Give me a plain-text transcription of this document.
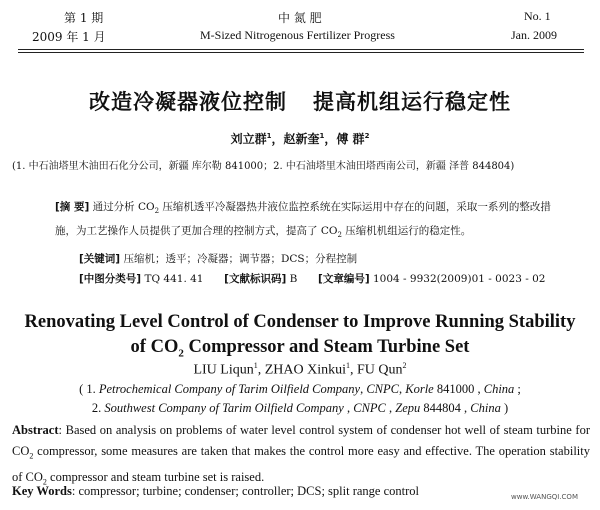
第 1 期	中 氮 肥	No. 1
2009 年 1 月	M-Sized Nitrogenous Fertilizer Progress	Jan. 2009
改造冷凝器液位控制 提高机组运行稳定性
刘立群$^1$，赵新奎$^1$，傅 群$^2$
(1. 中石油塔里木油田石化分公司，新疆 库尔勒 841000；2. 中石油塔里木油田塔西南公司，新疆 泽普 844804)
[摘 要] 通过分析 $CO_2$ 压缩机透平冷凝器热井液位监控系统在实际运用中存在的问题，采取一系列的整改措施，为工艺操作人员提供了更加合理的控制方式，提高了 $CO_2$ 压缩机机组运行的稳定性。
[关键词] 压缩机；透平；冷凝器；调节器；DCS；分程控制
[中图分类号] TQ 441. 41 [文献标识码] B [文章编号] 1004 - 9932(2009)01 - 0023 - 02
Renovating Level Control of Condenser to Improve Running Stability
of $CO_2$ Compressor and Steam Turbine Set
LIU Liqun$^1$, ZHAO Xinkui$^1$, FU Qun$^2$
( 1. Petrochemical Company of Tarim Oilfield Company, CNPC, Korle 841000 , China ;
2. Southwest Company of Tarim Oilfield Company , CNPC , Zepu 844804 , China )
Abstract: Based on analysis on problems of water level control system of condenser hot well of steam turbine for $CO_2$ compressor, some measures are taken that makes the control more easy and effective. The operation stability of $CO_2$ compressor and steam turbine set is raised.
Key Words: compressor; turbine; condenser; controller; DCS; split range control	www.WANGQI.COM
